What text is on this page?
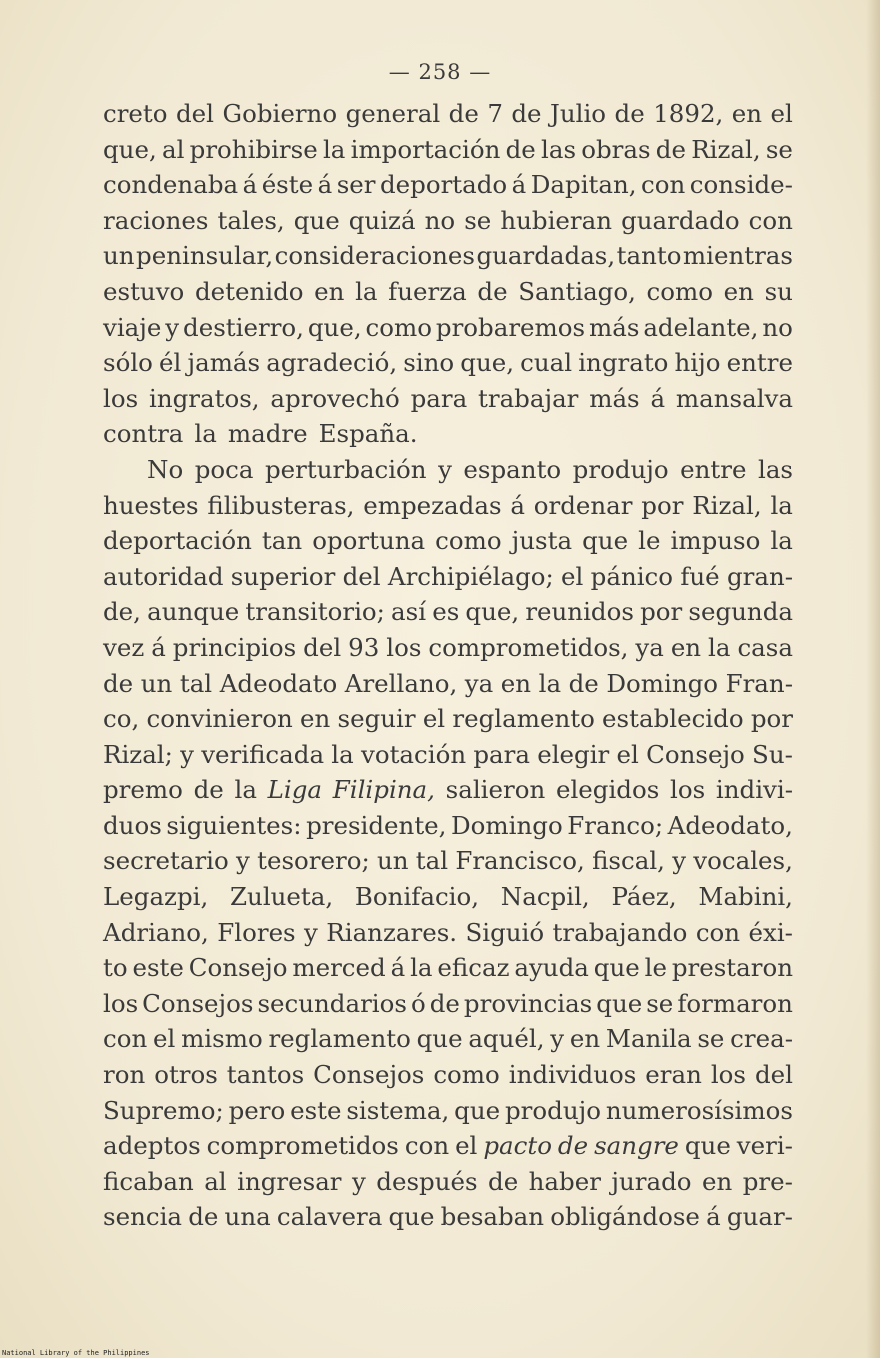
— 258 —
creto del Gobierno general de 7 de Julio de 1892, en el
que, al prohibirse la importación de las obras de Rizal, se
condenaba á éste á ser deportado á Dapitan, con conside-
raciones tales, que quizá no se hubieran guardado con
un peninsular, consideraciones guardadas, tanto mientras
estuvo detenido en la fuerza de Santiago, como en su
viaje y destierro, que, como probaremos más adelante, no
sólo él jamás agradeció, sino que, cual ingrato hijo entre
los ingratos, aprovechó para trabajar más á mansalva
contra la madre España.
No poca perturbación y espanto produjo entre las
huestes filibusteras, empezadas á ordenar por Rizal, la
deportación tan oportuna como justa que le impuso la
autoridad superior del Archipiélago; el pánico fué gran-
de, aunque transitorio; así es que, reunidos por segunda
vez á principios del 93 los comprometidos, ya en la casa
de un tal Adeodato Arellano, ya en la de Domingo Fran-
co, convinieron en seguir el reglamento establecido por
Rizal; y verificada la votación para elegir el Consejo Su-
premo de la Liga Filipina, salieron elegidos los indivi-
duos siguientes: presidente, Domingo Franco; Adeodato,
secretario y tesorero; un tal Francisco, fiscal, y vocales,
Legazpi, Zulueta, Bonifacio, Nacpil, Páez, Mabini,
Adriano, Flores y Rianzares. Siguió trabajando con éxi-
to este Consejo merced á la eficaz ayuda que le prestaron
los Consejos secundarios ó de provincias que se formaron
con el mismo reglamento que aquél, y en Manila se crea-
ron otros tantos Consejos como individuos eran los del
Supremo; pero este sistema, que produjo numerosísimos
adeptos comprometidos con el pacto de sangre que veri-
ficaban al ingresar y después de haber jurado en pre-
sencia de una calavera que besaban obligándose á guar-
National Library of the Philippines
